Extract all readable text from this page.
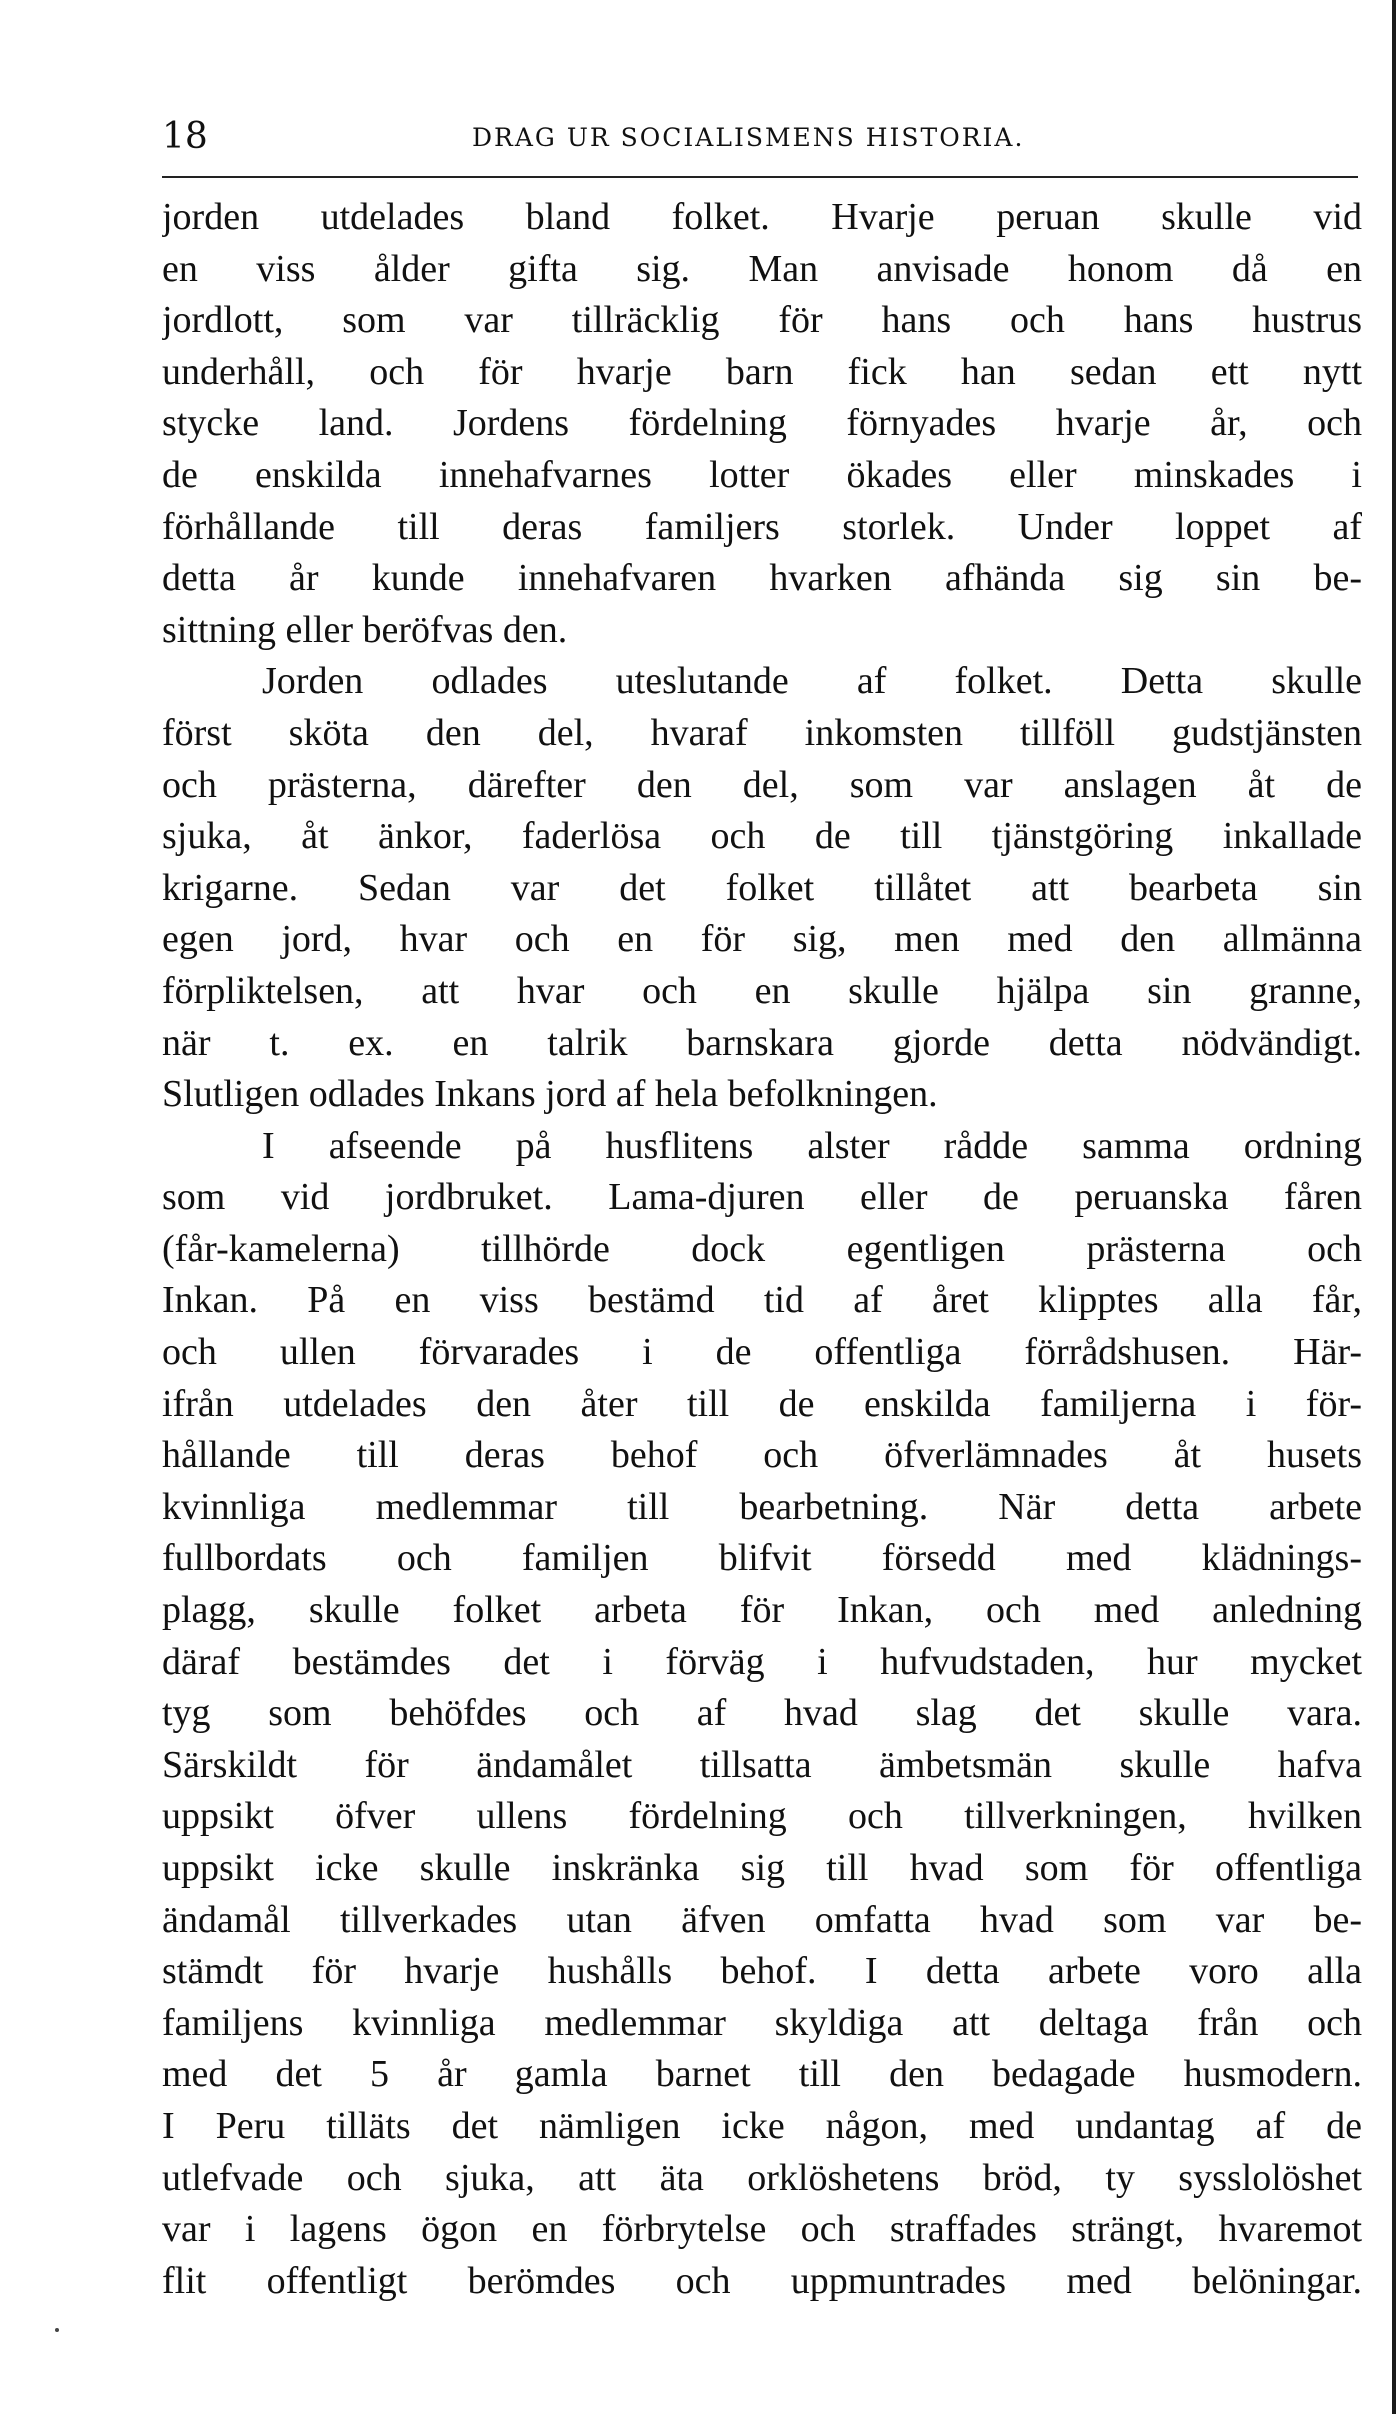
18	DRAG UR SOCIALISMENS HISTORIA.
jorden utdelades bland folket. Hvarje peruan skulle vid
en viss ålder gifta sig. Man anvisade honom då en
jordlott, som var tillräcklig för hans och hans hustrus
underhåll, och för hvarje barn fick han sedan ett nytt
stycke land. Jordens fördelning förnyades hvarje år, och
de enskilda innehafvarnes lotter ökades eller minskades i
förhållande till deras familjers storlek. Under loppet af
detta år kunde innehafvaren hvarken afhända sig sin be-
sittning eller beröfvas den.
Jorden odlades uteslutande af folket. Detta skulle
först sköta den del, hvaraf inkomsten tillföll gudstjänsten
och prästerna, därefter den del, som var anslagen åt de
sjuka, åt änkor, faderlösa och de till tjänstgöring inkallade
krigarne. Sedan var det folket tillåtet att bearbeta sin
egen jord, hvar och en för sig, men med den allmänna
förpliktelsen, att hvar och en skulle hjälpa sin granne,
när t. ex. en talrik barnskara gjorde detta nödvändigt.
Slutligen odlades Inkans jord af hela befolkningen.
I afseende på husflitens alster rådde samma ordning
som vid jordbruket. Lama-djuren eller de peruanska fåren
(får-kamelerna) tillhörde dock egentligen prästerna och
Inkan. På en viss bestämd tid af året klipptes alla får,
och ullen förvarades i de offentliga förrådshusen. Här-
ifrån utdelades den åter till de enskilda familjerna i för-
hållande till deras behof och öfverlämnades åt husets
kvinnliga medlemmar till bearbetning. När detta arbete
fullbordats och familjen blifvit försedd med klädnings-
plagg, skulle folket arbeta för Inkan, och med anledning
däraf bestämdes det i förväg i hufvudstaden, hur mycket
tyg som behöfdes och af hvad slag det skulle vara.
Särskildt för ändamålet tillsatta ämbetsmän skulle hafva
uppsikt öfver ullens fördelning och tillverkningen, hvilken
uppsikt icke skulle inskränka sig till hvad som för offentliga
ändamål tillverkades utan äfven omfatta hvad som var be-
stämdt för hvarje hushålls behof. I detta arbete voro alla
familjens kvinnliga medlemmar skyldiga att deltaga från och
med det 5 år gamla barnet till den bedagade husmodern.
I Peru tilläts det nämligen icke någon, med undantag af de
utlefvade och sjuka, att äta orklöshetens bröd, ty sysslolöshet
var i lagens ögon en förbrytelse och straffades strängt, hvaremot
flit offentligt berömdes och uppmuntrades med belöningar.
